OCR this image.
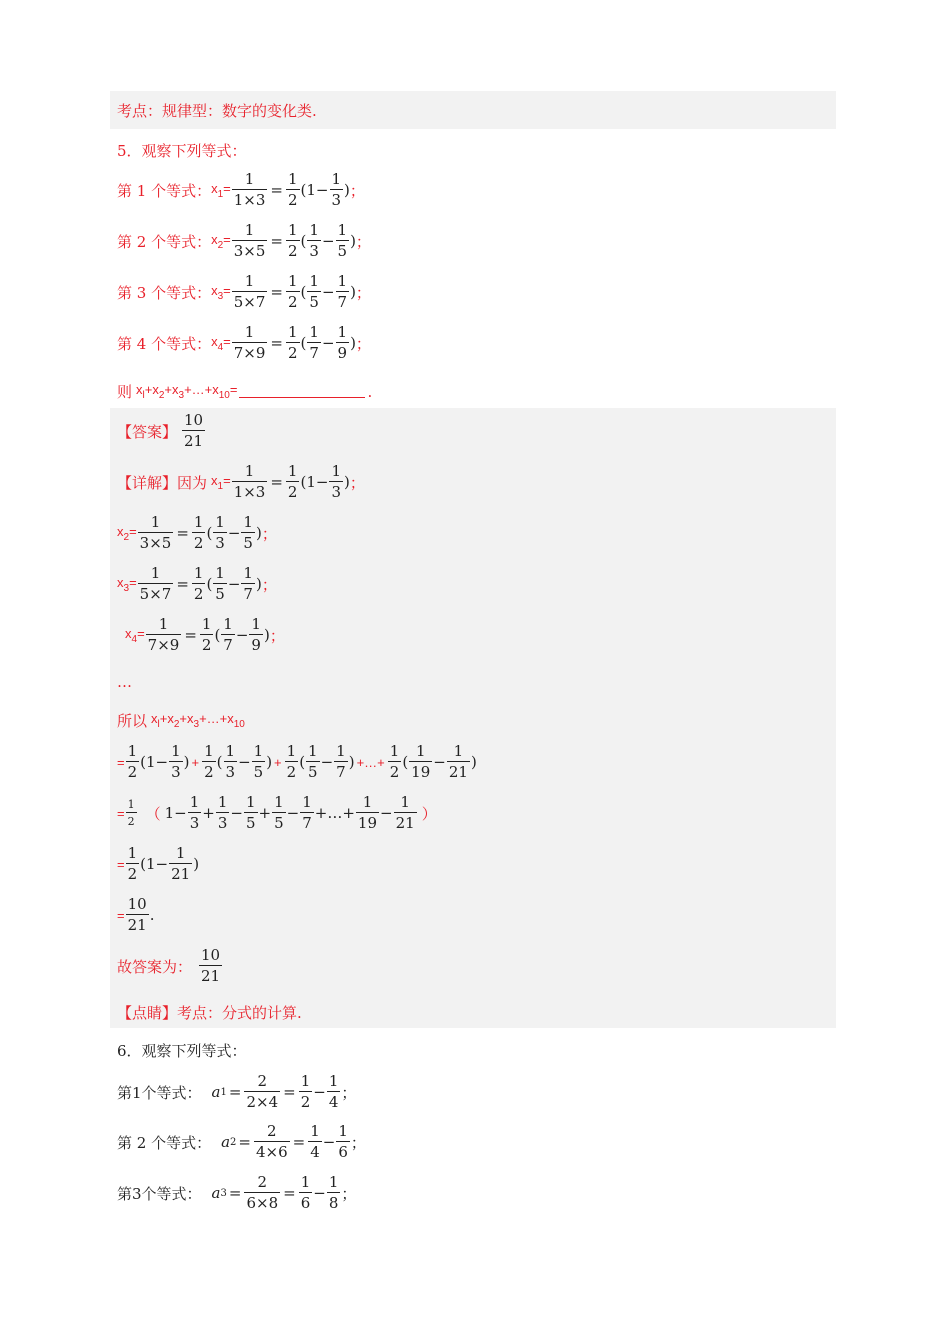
考点：规律型：数字的变化类.
5．观察下列等式：
第 1 个等式： $x_1= \frac{1}{1\times 3} = \frac{1}{2} (1- \frac{1}{3}$ ) ；
第 2 个等式： $x_2= \frac{1}{3\times 5} = \frac{1}{2}$ ( $\frac{1}{3} - \frac{1}{5}$ ) ；
第 3 个等式： $x_3= \frac{1}{5\times 7} = \frac{1}{2}$ ( $\frac{1}{5} - \frac{1}{7}$ ) ；
第 4 个等式： $x_4= \frac{1}{7\times 9} = \frac{1}{2}$ ( $\frac{1}{7} - \frac{1}{9}$ ) ；
则 $x_l+x_2+x_3+\dots+x_{10}=$	.
【答案】 $\frac{10}{21}$
【详解】 因为 $x_1= \frac{1}{1\times 3} = \frac{1}{2} (1- \frac{1}{3}$ ) ；
$x_2= \frac{1}{3\times 5} = \frac{1}{2}$ ( $\frac{1}{3} - \frac{1}{5}$ ) ；
$x_3= \frac{1}{5\times 7} = \frac{1}{2}$ ( $\frac{1}{5} - \frac{1}{7}$ ) ；
$x_4= \frac{1}{7\times 9} = \frac{1}{2}$ ( $\frac{1}{7} - \frac{1}{9}$ ) ；
…
所以 $x_l+x_2+x_3+\dots+x_{10}$
= $\frac{1}{2} (1- \frac{1}{3}$ ) + $\frac{1}{2}$ ( $\frac{1}{3} - \frac{1}{5}$ ) + $\frac{1}{2}$ ( $\frac{1}{5} - \frac{1}{7}$ ) +…+ $\frac{1}{2}$ ( $\frac{1}{19} - \frac{1}{21}$ )
= $\frac{1}{2}$ （ $1- \frac{1}{3} + \frac{1}{3} - \frac{1}{5} + \frac{1}{5} - \frac{1}{7}$ +…+ $\frac{1}{19} - \frac{1}{21}$ ）
= $\frac{1}{2} (1- \frac{1}{21}$ )
= $\frac{10}{21}$ .
故答案为： $\frac{10}{21}$
【点睛】 考点：分式的计算.
6．观察下列等式：
第1个等式： a $1 = \frac{2}{2\times 4} = \frac{1}{2} - \frac{1}{4}$ ；
第 2 个等式： a $2 = \frac{2}{4\times 6} = \frac{1}{4} - \frac{1}{6}$ ；
第3个等式： a $3 = \frac{2}{6\times 8} = \frac{1}{6} - \frac{1}{8}$ ；
